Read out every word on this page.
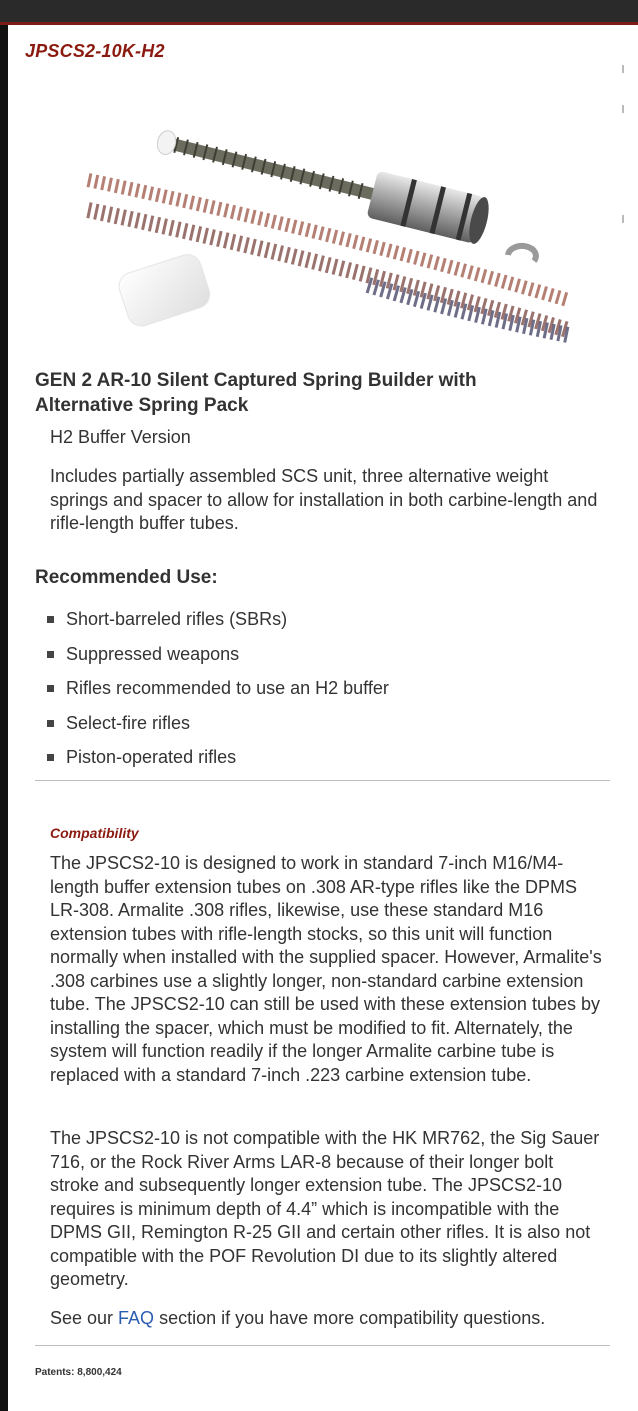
JPSCS2-10K-H2
GEN 2 AR-10 Silent Captured Spring Builder with Alternative Spring Pack
H2 Buffer Version
Includes partially assembled SCS unit, three alternative weight springs and spacer to allow for installation in both carbine-length and rifle-length buffer tubes.
Recommended Use:
Short-barreled rifles (SBRs)
Suppressed weapons
Rifles recommended to use an H2 buffer
Select-fire rifles
Piston-operated rifles
Compatibility
The JPSCS2-10 is designed to work in standard 7-inch M16/M4-length buffer extension tubes on .308 AR-type rifles like the DPMS LR-308. Armalite .308 rifles, likewise, use these standard M16 extension tubes with rifle-length stocks, so this unit will function normally when installed with the supplied spacer. However, Armalite's .308 carbines use a slightly longer, non-standard carbine extension tube. The JPSCS2-10 can still be used with these extension tubes by installing the spacer, which must be modified to fit. Alternately, the system will function readily if the longer Armalite carbine tube is replaced with a standard 7-inch .223 carbine extension tube.
The JPSCS2-10 is not compatible with the HK MR762, the Sig Sauer 716, or the Rock River Arms LAR-8 because of their longer bolt stroke and subsequently longer extension tube. The JPSCS2-10 requires is minimum depth of 4.4” which is incompatible with the DPMS GII, Remington R-25 GII and certain other rifles. It is also not compatible with the POF Revolution DI due to its slightly altered geometry.
See our FAQ section if you have more compatibility questions.
Patents: 8,800,424
